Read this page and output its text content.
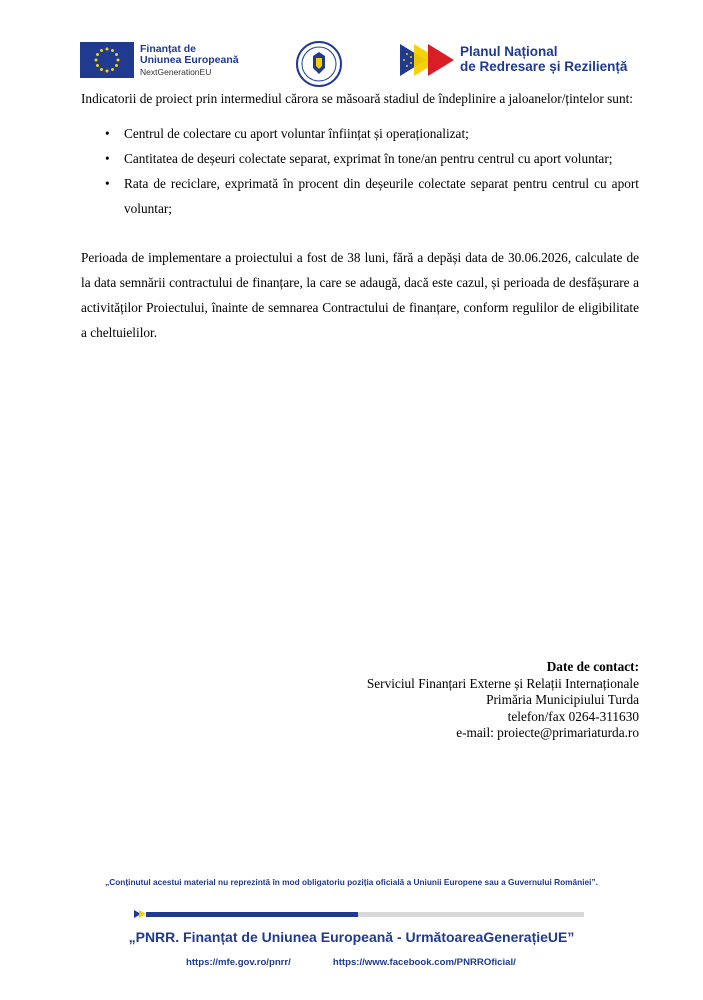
Finanțat de
Uniunea Europeană
NextGenerationEU
Planul Național
de Redresare și Reziliență

Indicatorii de proiect prin intermediul cărora se măsoară stadiul de îndeplinire a jaloanelor/țintelor sunt:

• Centrul de colectare cu aport voluntar înființat și operaționalizat;
• Cantitatea de deșeuri colectate separat, exprimat în tone/an pentru centrul cu aport voluntar;
• Rata de reciclare, exprimată în procent din deșeurile colectate separat pentru centrul cu aport voluntar;

Perioada de implementare a proiectului a fost de 38 luni, fără a depăși data de 30.06.2026, calculate de la data semnării contractului de finanțare, la care se adaugă, dacă este cazul, și perioada de desfășurare a activităților Proiectului, înainte de semnarea Contractului de finanțare, conform regulilor de eligibilitate a cheltuielilor.

Date de contact:
Serviciul Finanțari Externe și Relații Internaționale
Primăria Municipiului Turda
telefon/fax 0264-311630
e-mail: proiecte@primariaturda.ro
„Conținutul acestui material nu reprezintă în mod obligatoriu poziția oficială a Uniunii Europene sau a Guvernului României”.
„PNRR. Finanțat de Uniunea Europeană - UrmătoareaGenerațieUE”
https://mfe.gov.ro/pnrr/	https://www.facebook.com/PNRROficial/
